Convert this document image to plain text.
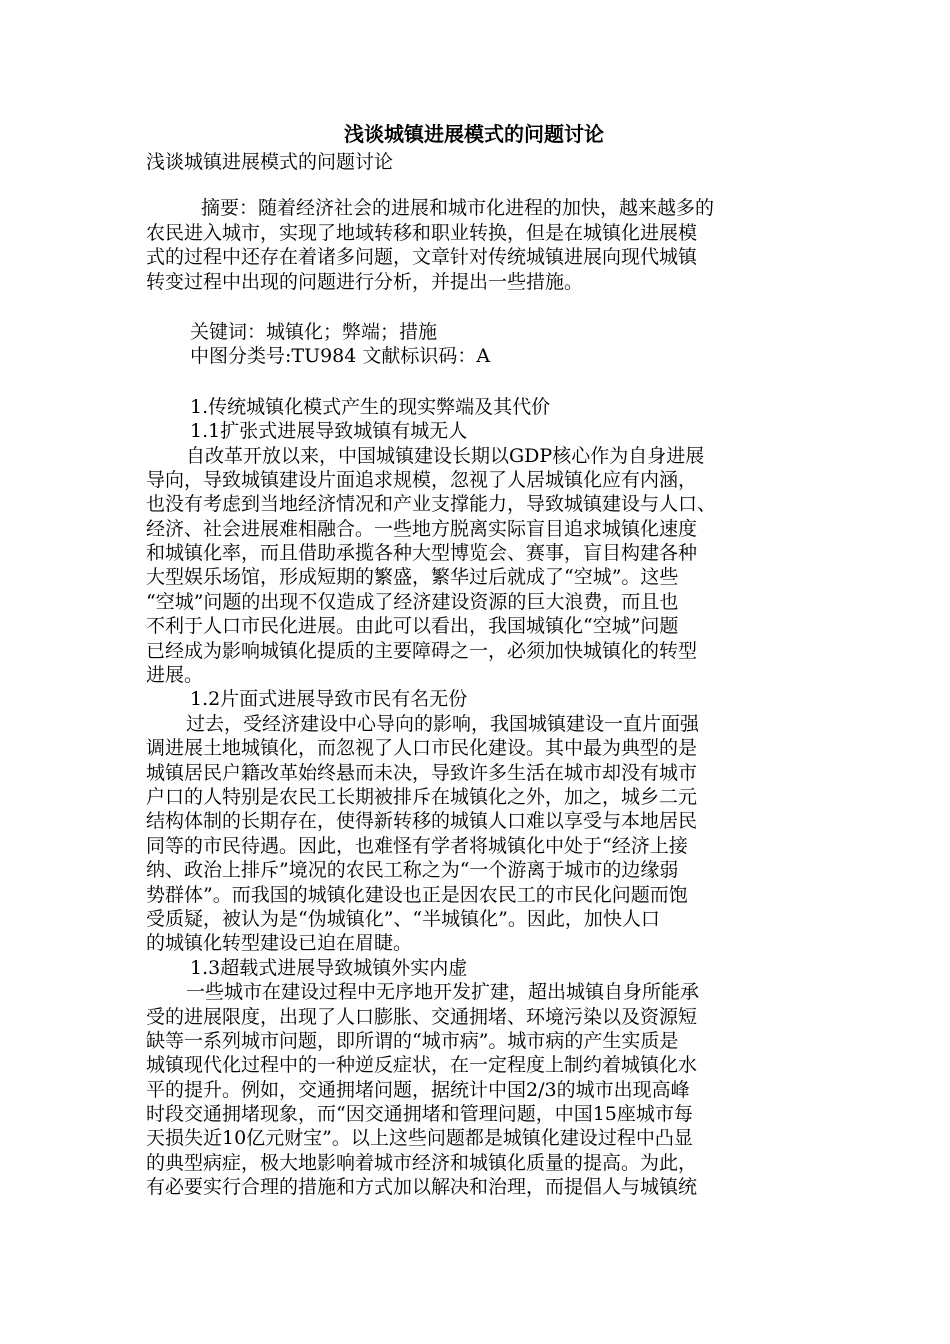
浅谈城镇进展模式的问题讨论
浅谈城镇进展模式的问题讨论
摘要：随着经济社会的进展和城市化进程的加快，越来越多的
农民进入城市，实现了地域转移和职业转换，但是在城镇化进展模
式的过程中还存在着诸多问题，文章针对传统城镇进展向现代城镇
转变过程中出现的问题进行分析，并提出一些措施。
关键词：城镇化；弊端；措施
中图分类号:TU984 文献标识码：A
1.传统城镇化模式产生的现实弊端及其代价
1.1扩张式进展导致城镇有城无人
自改革开放以来，中国城镇建设长期以GDP核心作为自身进展
导向，导致城镇建设片面追求规模，忽视了人居城镇化应有内涵，
也没有考虑到当地经济情况和产业支撑能力，导致城镇建设与人口、
经济、社会进展难相融合。一些地方脱离实际盲目追求城镇化速度
和城镇化率，而且借助承揽各种大型博览会、赛事，盲目构建各种
大型娱乐场馆，形成短期的繁盛，繁华过后就成了“空城”。这些
“空城”问题的出现不仅造成了经济建设资源的巨大浪费，而且也
不利于人口市民化进展。由此可以看出，我国城镇化“空城”问题
已经成为影响城镇化提质的主要障碍之一，必须加快城镇化的转型
进展。
1.2片面式进展导致市民有名无份
过去，受经济建设中心导向的影响，我国城镇建设一直片面强
调进展土地城镇化，而忽视了人口市民化建设。其中最为典型的是
城镇居民户籍改革始终悬而未决，导致许多生活在城市却没有城市
户口的人特别是农民工长期被排斥在城镇化之外，加之，城乡二元
结构体制的长期存在，使得新转移的城镇人口难以享受与本地居民
同等的市民待遇。因此，也难怪有学者将城镇化中处于“经济上接
纳、政治上排斥”境况的农民工称之为“一个游离于城市的边缘弱
势群体”。而我国的城镇化建设也正是因农民工的市民化问题而饱
受质疑，被认为是“伪城镇化”、“半城镇化”。因此，加快人口
的城镇化转型建设已迫在眉睫。
1.3超载式进展导致城镇外实内虚
一些城市在建设过程中无序地开发扩建，超出城镇自身所能承
受的进展限度，出现了人口膨胀、交通拥堵、环境污染以及资源短
缺等一系列城市问题，即所谓的“城市病”。城市病的产生实质是
城镇现代化过程中的一种逆反症状，在一定程度上制约着城镇化水
平的提升。例如，交通拥堵问题，据统计中国2/3的城市出现高峰
时段交通拥堵现象，而“因交通拥堵和管理问题，中国15座城市每
天损失近10亿元财宝”。以上这些问题都是城镇化建设过程中凸显
的典型病症，极大地影响着城市经济和城镇化质量的提高。为此，
有必要实行合理的措施和方式加以解决和治理，而提倡人与城镇统
